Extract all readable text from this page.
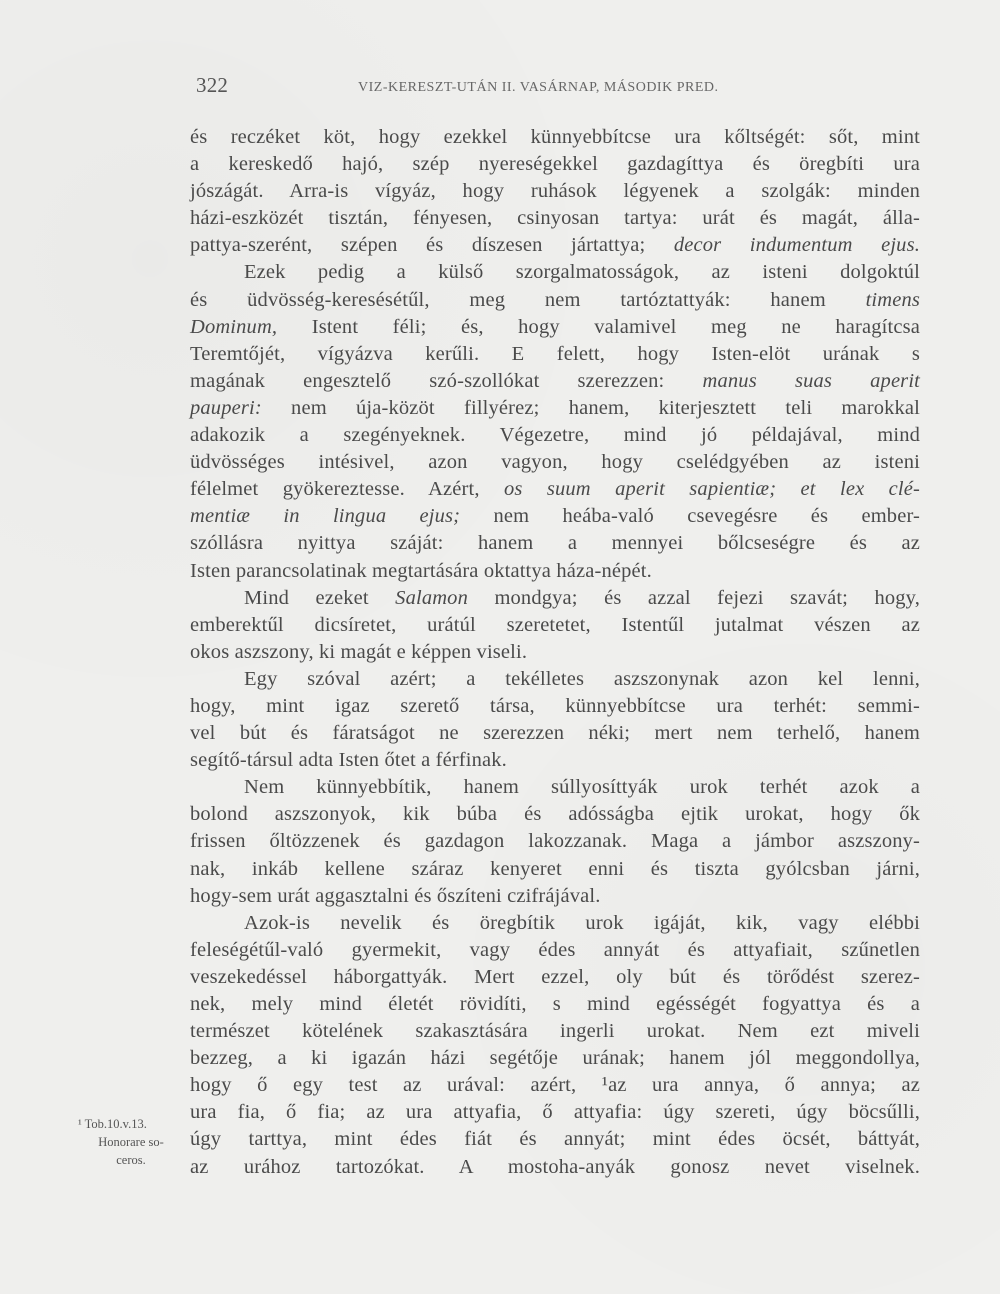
322	VIZ-KERESZT-UTÁN II. VASÁRNAP, MÁSODIK PRED.
és reczéket köt, hogy ezekkel künnyebbítcse ura kőltségét: sőt, mint
a kereskedő hajó, szép nyereségekkel gazdagíttya és öregbíti ura
jószágát. Arra-is vígyáz, hogy ruhások légyenek a szolgák: minden
házi-eszközét tisztán, fényesen, csinyosan tartya: urát és magát, álla-
pattya-szerént, szépen és díszesen jártattya; decor indumentum ejus.
Ezek pedig a külső szorgalmatosságok, az isteni dolgoktúl
és üdvösség-keresésétűl, meg nem tartóztattyák: hanem timens
Dominum, Istent féli; és, hogy valamivel meg ne haragítcsa
Teremtőjét, vígyázva kerűli. E felett, hogy Isten-elöt urának s
magának engesztelő szó-szollókat szerezzen: manus suas aperit
pauperi: nem úja-közöt fillyérez; hanem, kiterjesztett teli marokkal
adakozik a szegényeknek. Végezetre, mind jó példajával, mind
üdvösséges intésivel, azon vagyon, hogy cselédgyében az isteni
félelmet gyökereztesse. Azért, os suum aperit sapientiæ; et lex clé-
mentiæ in lingua ejus; nem heába-való csevegésre és ember-
szóllásra nyittya száját: hanem a mennyei bőlcseségre és az
Isten parancsolatinak megtartására oktattya háza-népét.
Mind ezeket Salamon mondgya; és azzal fejezi szavát; hogy,
emberektűl dicsíretet, urátúl szeretetet, Istentűl jutalmat vészen az
okos aszszony, ki magát e képpen viseli.
Egy szóval azért; a tekélletes aszszonynak azon kel lenni,
hogy, mint igaz szerető társa, künnyebbítcse ura terhét: semmi-
vel bút és fáratságot ne szerezzen néki; mert nem terhelő, hanem
segítő-társul adta Isten őtet a férfinak.
Nem künnyebbítik, hanem súllyosíttyák urok terhét azok a
bolond aszszonyok, kik búba és adósságba ejtik urokat, hogy ők
frissen őltözzenek és gazdagon lakozzanak. Maga a jámbor aszszony-
nak, inkáb kellene száraz kenyeret enni és tiszta gyólcsban járni,
hogy-sem urát aggasztalni és őszíteni czifrájával.
Azok-is nevelik és öregbítik urok igáját, kik, vagy elébbi
feleségétűl-való gyermekit, vagy édes annyát és attyafiait, szűnetlen
veszekedéssel háborgattyák. Mert ezzel, oly bút és törődést szerez-
nek, mely mind életét rövidíti, s mind egésségét fogyattya és a
természet kötelének szakasztására ingerli urokat. Nem ezt miveli
bezzeg, a ki igazán házi segétője urának; hanem jól meggondollya,
hogy ő egy test az urával: azért, ¹az ura annya, ő annya; az
ura fia, ő fia; az ura attyafia, ő attyafia: úgy szereti, úgy böcsűlli,
úgy tarttya, mint édes fiát és annyát; mint édes öcsét, báttyát,
az urához tartozókat. A mostoha-anyák gonosz nevet viselnek.
¹ Tob.10.v.13.
Honorare so-
ceros.
